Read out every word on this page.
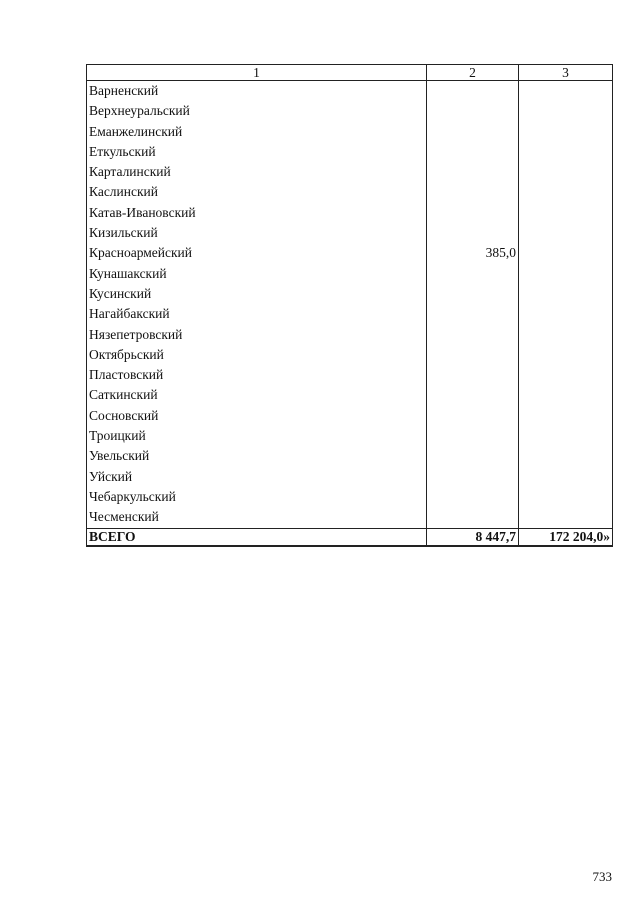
1	2	3
Варненский		
Верхнеуральский		
Еманжелинский		
Еткульский		
Карталинский		
Каслинский		
Катав-Ивановский		
Кизильский		
Красноармейский	385,0	
Кунашакский		
Кусинский		
Нагайбакский		
Нязепетровский		
Октябрьский		
Пластовский		
Саткинский		
Сосновский		
Троицкий		
Увельский		
Уйский		
Чебаркульский		
Чесменский		
ВСЕГО	8 447,7	172 204,0»
733
